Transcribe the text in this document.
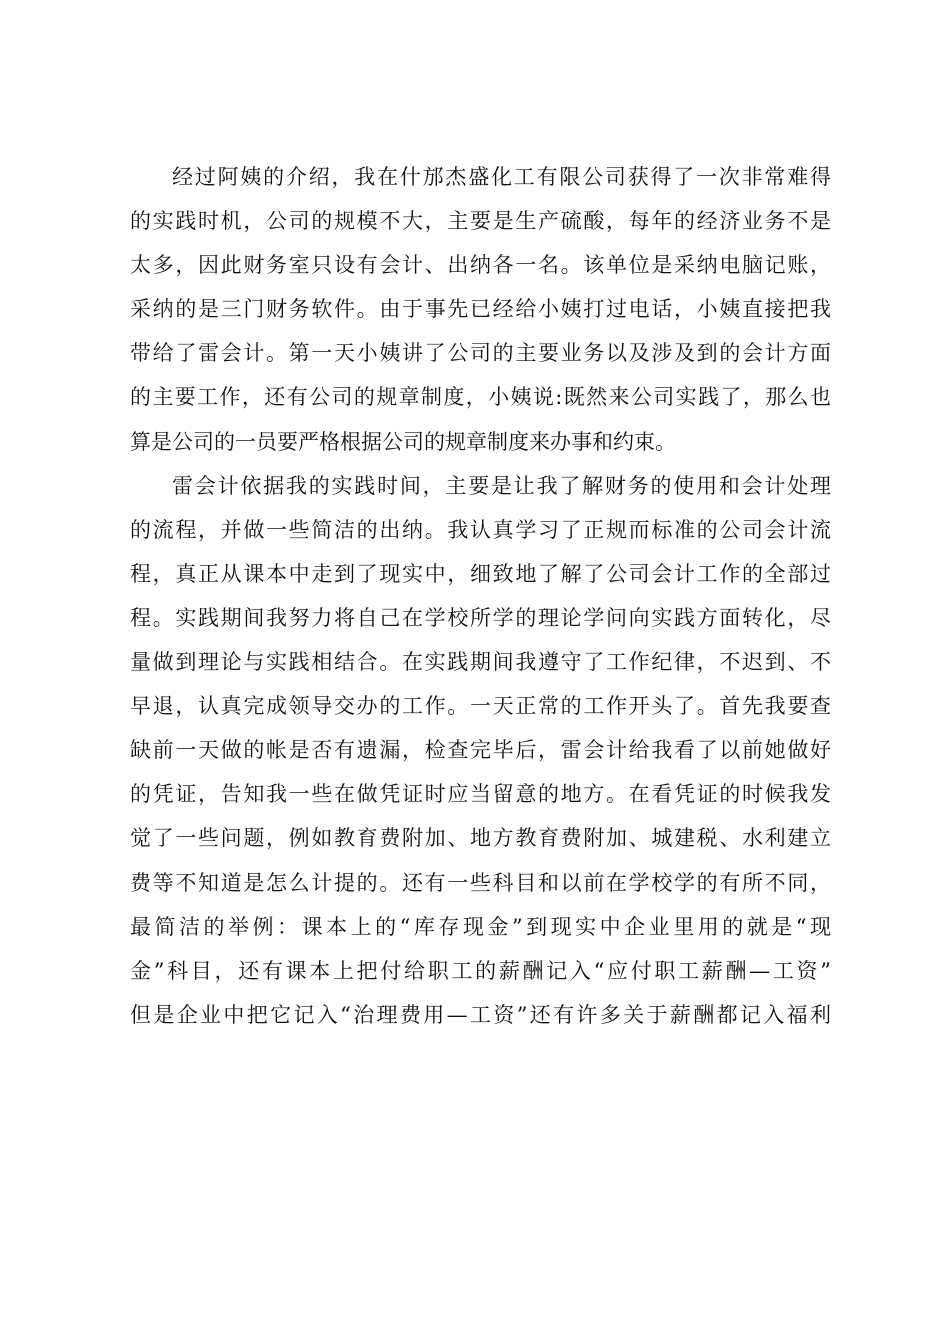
经过阿姨的介绍，我在什邡杰盛化工有限公司获得了一次非常难得
的实践时机，公司的规模不大，主要是生产硫酸，每年的经济业务不是
太多，因此财务室只设有会计、出纳各一名。该单位是采纳电脑记账，
采纳的是三门财务软件。由于事先已经给小姨打过电话，小姨直接把我
带给了雷会计。第一天小姨讲了公司的主要业务以及涉及到的会计方面
的主要工作，还有公司的规章制度，小姨说:既然来公司实践了，那么也
算是公司的一员要严格根据公司的规章制度来办事和约束。
雷会计依据我的实践时间，主要是让我了解财务的使用和会计处理
的流程，并做一些简洁的出纳。我认真学习了正规而标准的公司会计流
程，真正从课本中走到了现实中，细致地了解了公司会计工作的全部过
程。实践期间我努力将自己在学校所学的理论学问向实践方面转化，尽
量做到理论与实践相结合。在实践期间我遵守了工作纪律，不迟到、不
早退，认真完成领导交办的工作。一天正常的工作开头了。首先我要查
缺前一天做的帐是否有遗漏，检查完毕后，雷会计给我看了以前她做好
的凭证，告知我一些在做凭证时应当留意的地方。在看凭证的时候我发
觉了一些问题，例如教育费附加、地方教育费附加、城建税、水利建立
费等不知道是怎么计提的。还有一些科目和以前在学校学的有所不同，
最简洁的举例：课本上的“库存现金”到现实中企业里用的就是“现
金”科目，还有课本上把付给职工的薪酬记入“应付职工薪酬—工资”
但是企业中把它记入“治理费用—工资”还有许多关于薪酬都记入福利
